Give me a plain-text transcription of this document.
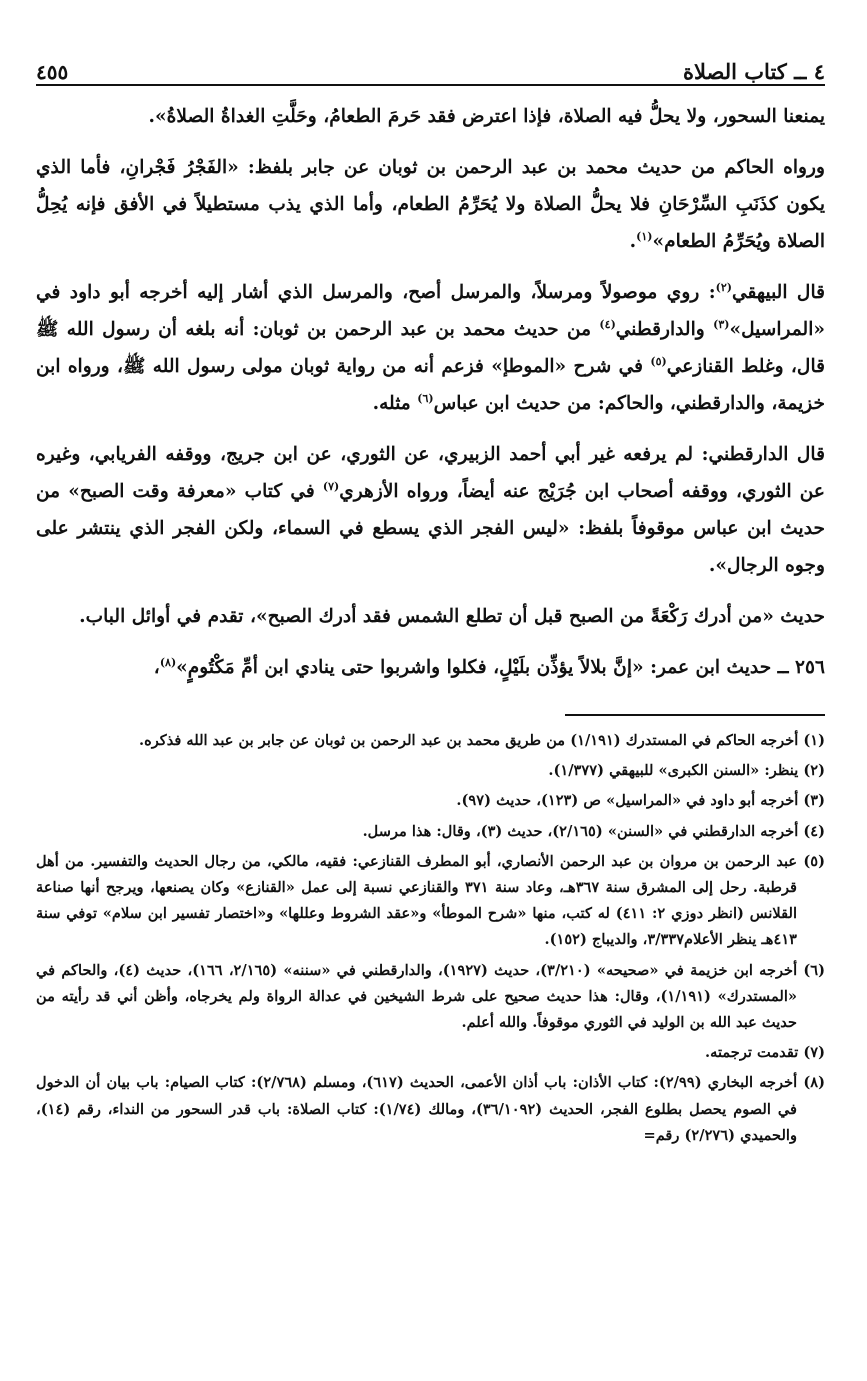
٤ ــ كتاب الصلاة
٤٥٥

يمنعنا السحور، ولا يحلُّ فيه الصلاة، فإذا اعترض فقد حَرمَ الطعامُ، وحَلَّتِ الغداةُ الصلاةُ».

ورواه الحاكم من حديث محمد بن عبد الرحمن بن ثوبان عن جابر بلفظ: «الفَجْرُ فَجْرانِ، فأما الذي يكون كذَنَبِ السِّرْحَانِ فلا يحلُّ الصلاة ولا يُحَرِّمُ الطعام، وأما الذي يذب مستطيلاً في الأفق فإنه يُحِلُّ الصلاة ويُحَرِّمُ الطعام»$^{(١)}$.

قال البيهقي$^{(٢)}$: روي موصولاً ومرسلاً، والمرسل أصح، والمرسل الذي أشار إليه أخرجه أبو داود في «المراسيل»$^{(٣)}$ والدارقطني$^{(٤)}$ من حديث محمد بن عبد الرحمن بن ثوبان: أنه بلغه أن رسول الله ﷺ قال، وغلط القنازعي$^{(٥)}$ في شرح «الموطإ» فزعم أنه من رواية ثوبان مولى رسول الله ﷺ، ورواه ابن خزيمة، والدارقطني، والحاكم: من حديث ابن عباس$^{(٦)}$ مثله.

قال الدارقطني: لم يرفعه غير أبي أحمد الزبيري، عن الثوري، عن ابن جريج، ووقفه الفريابي، وغيره عن الثوري، ووقفه أصحاب ابن جُرَيْج عنه أيضاً، ورواه الأزهري$^{(٧)}$ في كتاب «معرفة وقت الصبح» من حديث ابن عباس موقوفاً بلفظ: «ليس الفجر الذي يسطع في السماء، ولكن الفجر الذي ينتشر على وجوه الرجال».

حديث «من أدرك رَكْعَةً من الصبح قبل أن تطلع الشمس فقد أدرك الصبح»، تقدم في أوائل الباب.

٢٥٦ ــ حديث ابن عمر: «إنَّ بلالاً يؤذِّن بلَيْلٍ، فكلوا واشربوا حتى ينادي ابن أمِّ مَكْتُومٍ»$^{(٨)}$،

(١) أخرجه الحاكم في المستدرك (١/١٩١) من طريق محمد بن عبد الرحمن بن ثوبان عن جابر بن عبد الله فذكره.

(٢) ينظر: «السنن الكبرى» للبيهقي (١/٣٧٧).

(٣) أخرجه أبو داود في «المراسيل» ص (١٢٣)، حديث (٩٧).

(٤) أخرجه الدارقطني في «السنن» (٢/١٦٥)، حديث (٣)، وقال: هذا مرسل.

(٥) عبد الرحمن بن مروان بن عبد الرحمن الأنصاري، أبو المطرف القنازعي: فقيه، مالكي، من رجال الحديث والتفسير. من أهل قرطبة. رحل إلى المشرق سنة ٣٦٧هـ، وعاد سنة ٣٧١ والقنازعي نسبة إلى عمل «القنازع» وكان يصنعها، ويرجح أنها صناعة القلانس (انظر دوزي ٢: ٤١١) له كتب، منها «شرح الموطأ» و«عقد الشروط وعللها» و«اختصار تفسير ابن سلام» توفي سنة ٤١٣هـ ينظر الأعلام٣/٣٣٧، والديباج (١٥٢).

(٦) أخرجه ابن خزيمة في «صحيحه» (٣/٢١٠)، حديث (١٩٢٧)، والدارقطني في «سننه» (٢/١٦٥، ١٦٦)، حديث (٤)، والحاكم في «المستدرك» (١/١٩١)، وقال: هذا حديث صحيح على شرط الشيخين في عدالة الرواة ولم يخرجاه، وأظن أني قد رأيته من حديث عبد الله بن الوليد في الثوري موقوفاً. والله أعلم.

(٧) تقدمت ترجمته.

(٨) أخرجه البخاري (٢/٩٩): كتاب الأذان: باب أذان الأعمى، الحديث (٦١٧)، ومسلم (٢/٧٦٨): كتاب الصيام: باب بيان أن الدخول في الصوم يحصل بطلوع الفجر، الحديث (٣٦/١٠٩٢)، ومالك (١/٧٤): كتاب الصلاة: باب قدر السحور من النداء، رقم (١٤)، والحميدي (٢/٢٧٦) رقم=
